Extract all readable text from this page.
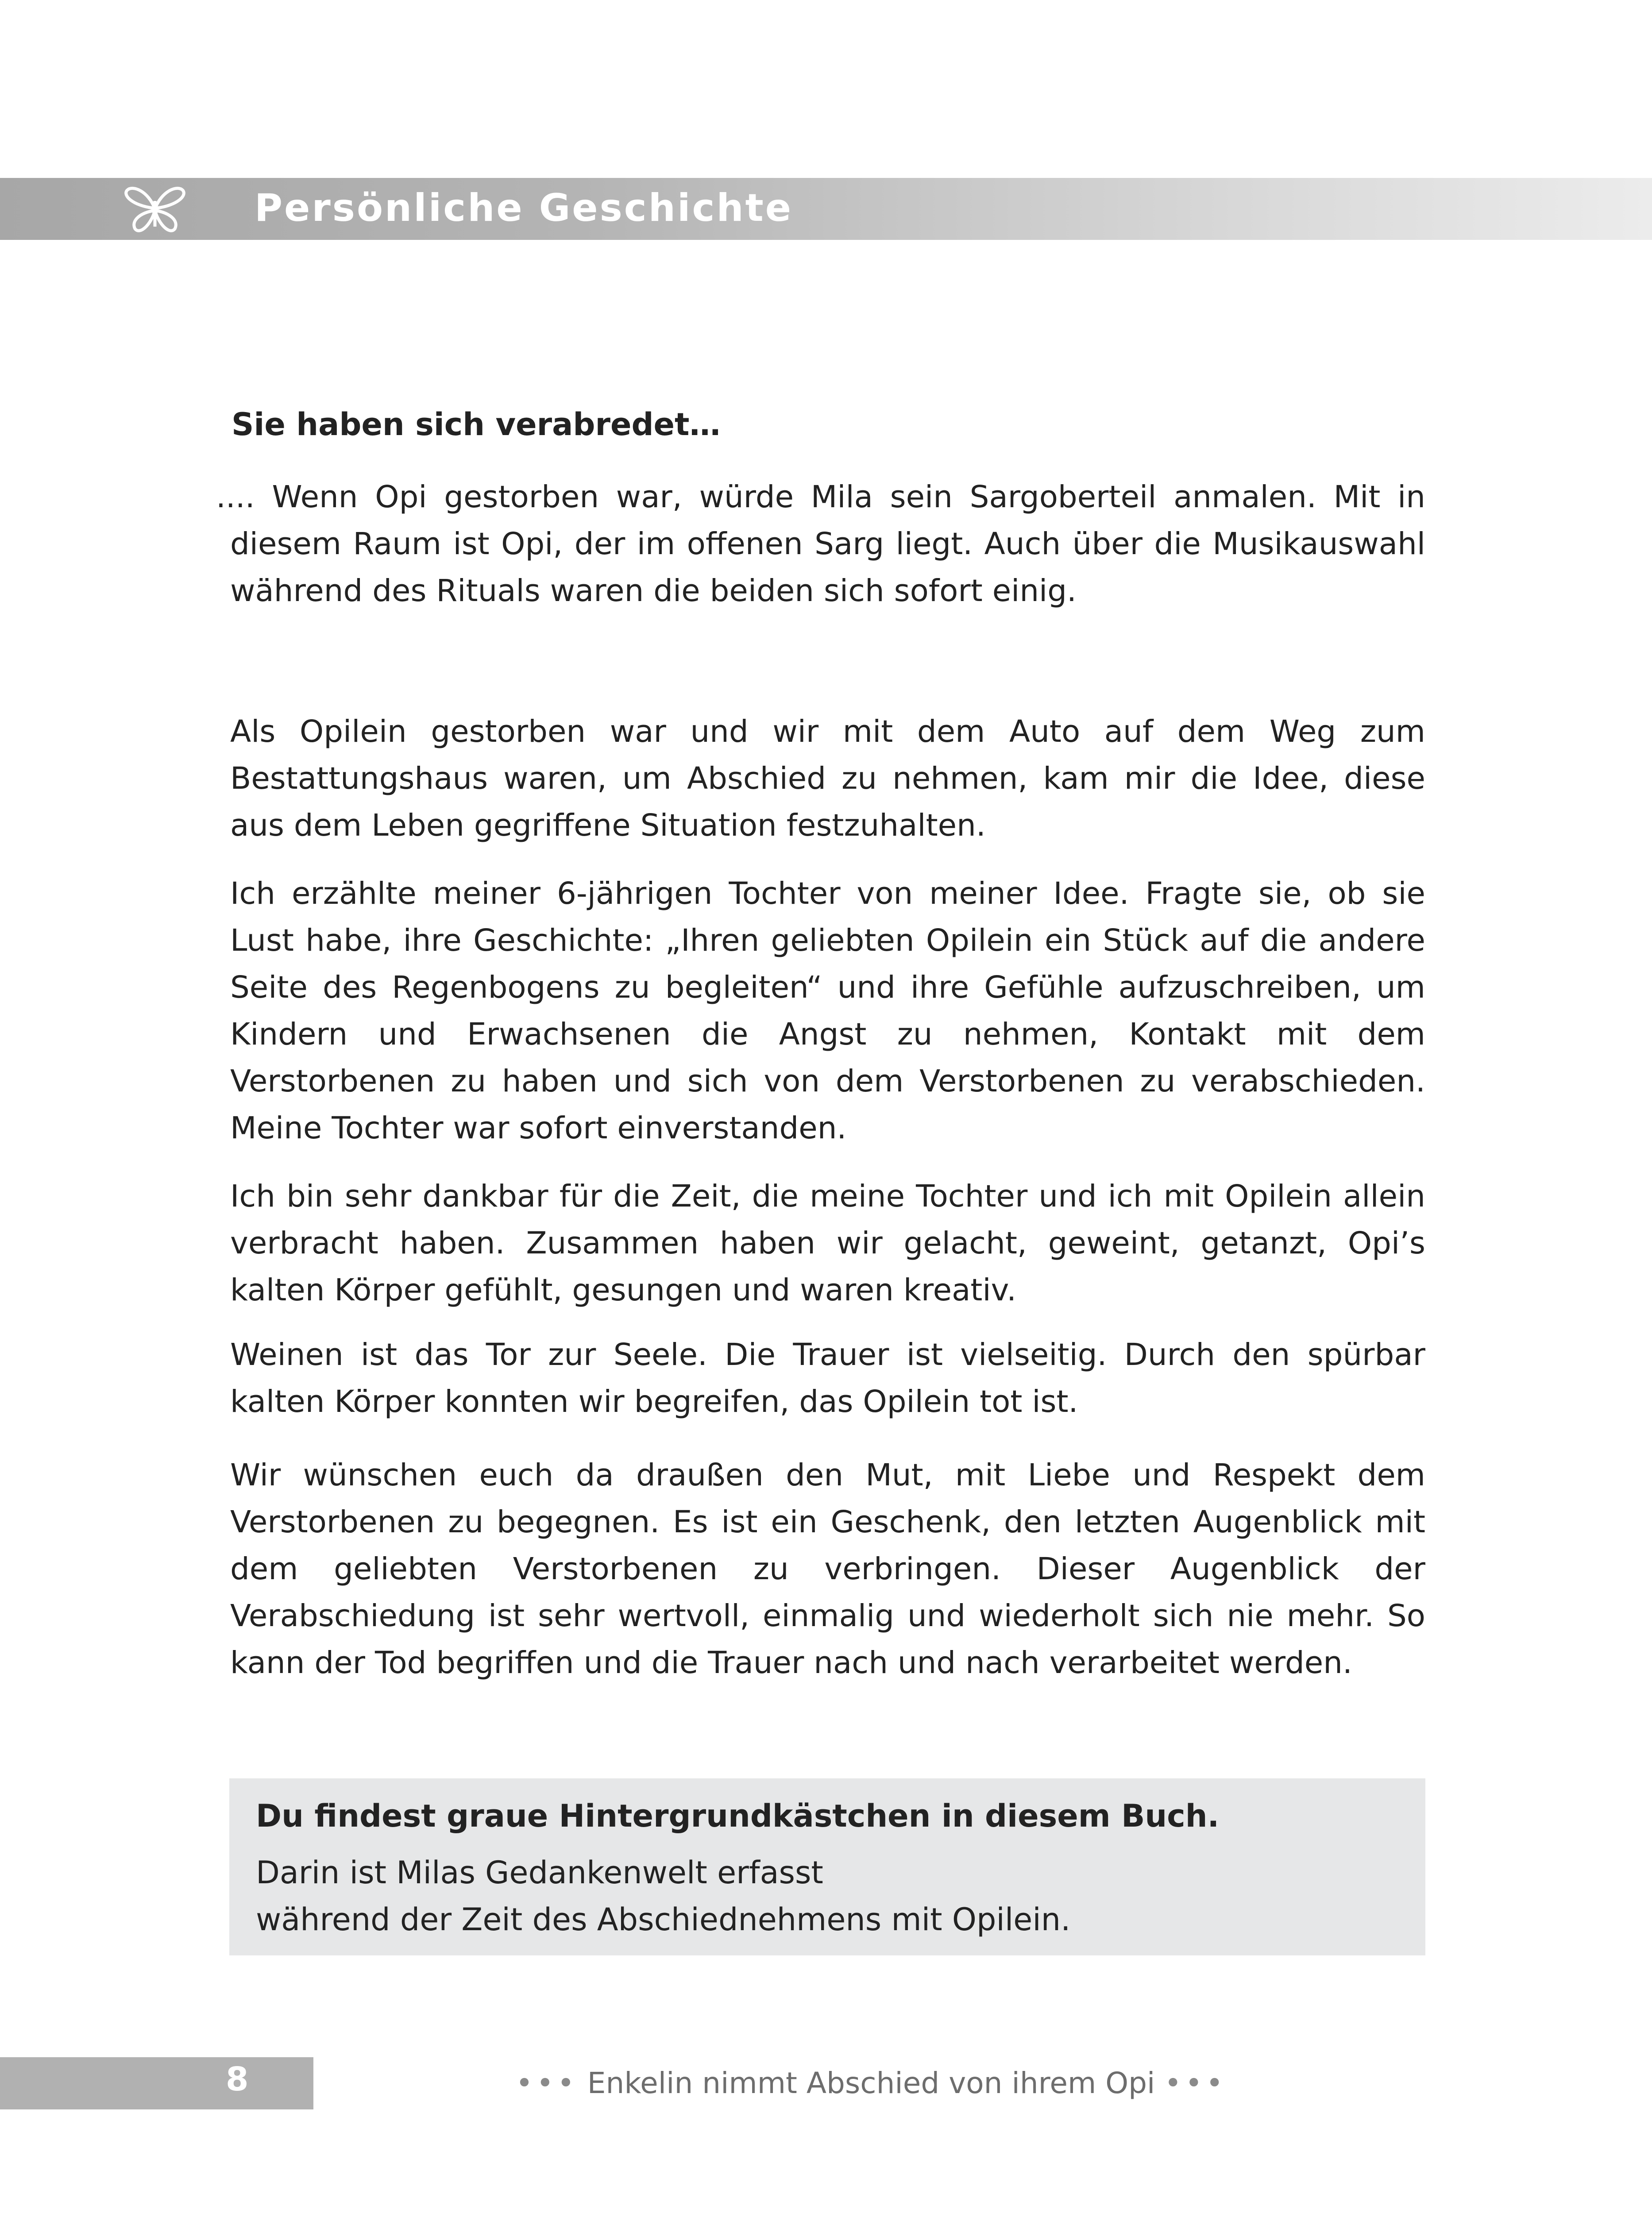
Persönliche Geschichte
Sie haben sich verabredet…
.... Wenn Opi gestorben war, würde Mila sein Sargoberteil anmalen. Mit in diesem Raum ist Opi, der im offenen Sarg liegt. Auch über die Musikauswahl während des Rituals waren die beiden sich sofort einig.
Als Opilein gestorben war und wir mit dem Auto auf dem Weg zum Bestattungshaus waren, um Abschied zu nehmen, kam mir die Idee, diese aus dem Leben gegriffene Situation festzuhalten.
Ich erzählte meiner 6-jährigen Tochter von meiner Idee. Fragte sie, ob sie Lust habe, ihre Geschichte: „Ihren geliebten Opilein ein Stück auf die andere Seite des Regenbogens zu begleiten“ und ihre Gefühle aufzuschreiben, um Kindern und Erwachsenen die Angst zu nehmen, Kontakt mit dem Verstorbenen zu haben und sich von dem Verstorbenen zu verabschieden. Meine Tochter war sofort einverstanden.
Ich bin sehr dankbar für die Zeit, die meine Tochter und ich mit Opilein allein verbracht haben. Zusammen haben wir gelacht, geweint, getanzt, Opi’s kalten Körper gefühlt, gesungen und waren kreativ.
Weinen ist das Tor zur Seele. Die Trauer ist vielseitig. Durch den spürbar kalten Körper konnten wir begreifen, das Opilein tot ist.
Wir wünschen euch da draußen den Mut, mit Liebe und Respekt dem Verstorbenen zu begegnen. Es ist ein Geschenk, den letzten Augenblick mit dem geliebten Verstorbenen zu verbringen. Dieser Augenblick der Verabschiedung ist sehr wertvoll, einmalig und wiederholt sich nie mehr. So kann der Tod begriffen und die Trauer nach und nach verarbeitet werden.
Du findest graue Hintergrundkästchen in diesem Buch.
Darin ist Milas Gedankenwelt erfasst
während der Zeit des Abschiednehmens mit Opilein.
8	••• Enkelin nimmt Abschied von ihrem Opi •••
